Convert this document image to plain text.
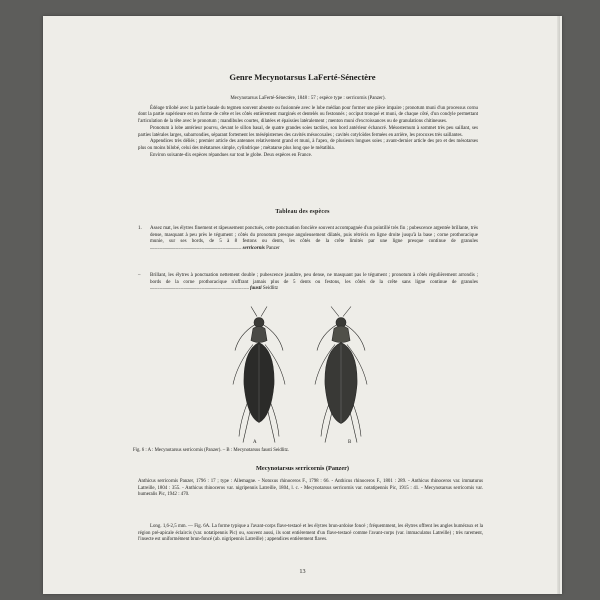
Genre Mecynotarsus LaFerté-Sénectère

Mecynotarsus LaFerté-Sénectère, 1848 : 57 ; espèce type : serricornis (Panzer).

Édéage trilobé avec la partie basale du tegmen souvent absente ou fusionnée avec le lobe médian pour former une pièce impaire ; pronotum muni d'un processus cornu dont la partie supérieure est en forme de crête et les côtés entièrement marginés et dentelés ou festonnés ; occiput tronqué et muni, de chaque côté, d'un condyle permettant l'articulation de la tête avec le pronotum ; mandibules courtes, dilatées et épaissies latéralement ; menton muni d'excroissances ou de granulations chitineuses.

Pronotum à lobe antérieur pourvu, devant le sillon basal, de quatre grandes soies tactiles, son bord antérieur échancré. Mésosternum à sommet très peu saillant, ses parties latérales larges, subarrondies, séparant fortement les mésépisternes des cavités mésocoxales ; cavités cotyloïdes fermées en arrière, les procoxes très saillantes.

Appendices très déliés ; premier article des antennes relativement grand et muni, à l'apex, de plusieurs longues soies ; avant-dernier article des pro et des mésotarses plus ou moins bilobé, celui des métatarses simple, cylindrique ; métatarse plus long que le métatibia.

Environ soixante-dix espèces répandues sur tout le globe. Deux espèces en France.

Tableau des espèces
1. Assez mat, les élytres finement et râpeusement ponctués, cette ponctuation foncière souvent accompagnée d'un pointillé très fin ; pubescence argentée brillante, très dense, masquant à peu près le tégument ; côtés du pronotum presque anguleusement dilatés, puis rétrécis en ligne droite jusqu'à la base ; corne prothoracique munie, sur ses bords, de 5 à 8 festons ou dents, les côtés de la crête limités par une ligne presque continue de granules ....................................................................................... serricornis Panzer
– Brillant, les élytres à ponctuation nettement double ; pubescence jaunâtre, peu dense, ne masquant pas le tégument ; pronotum à côtés régulièrement arrondis ; bords de la corne prothoracique n'offrant jamais plus de 5 dents ou festons, les côtés de la crête sans ligne continue de granules .............................................................................................. fausti Seidlitz
A	B
Fig. 6 : A : Mecynotarsus serricornis (Panzer). – B : Mecynotarsus fausti Seidlitz.
Mecynotarsus serricornis (Panzer)

Anthicus serricornis Panzer, 1796 : 17 ; type : Allemagne. - Notoxus rhinoceros F., 1798 : 66. - Anthicus rhinoceros F., 1801 : 289. - Anthicus rhinoceros var. immaturus Latreille, 1804 : 355. - Anthicus rhinoceros var. nigripennis Latreille, 1804, l. c. - Mecynotarsus serricornis var. notatipennis Pic, 1915 : 41. - Mecynotarsus serricornis var. humeralis Pic, 1942 : 470.

Long. 1,6-2,5 mm. — Fig. 6A. La forme typique a l'avant-corps flave-testacé et les élytres brun-ardoise foncé ; fréquemment, les élytres offrent les angles huméraux et la région pré-apicale éclaircis (var. notatipennis Pic) ou, souvent aussi, ils sont entièrement d'un flave-testacé comme l'avant-corps (var. immaculatus Latreille) ; très rarement, l'insecte est uniformément brun-foncé (ab. nigripennis Latreille) ; appendices entièrement flaves.

13
